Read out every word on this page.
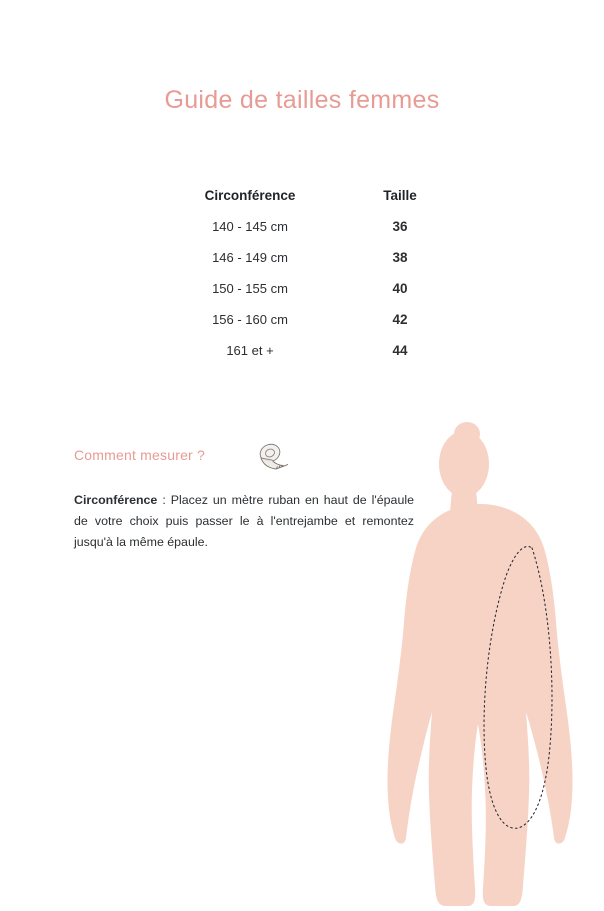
Guide de tailles femmes
Circonférence	Taille
140 - 145 cm	36
146 - 149 cm	38
150 - 155 cm	40
156 - 160 cm	42
161 et +	44
Comment mesurer ?
Circonférence : Placez un mètre ruban en haut de l'épaule de votre choix puis passer le à l'entrejambe et remontez jusqu'à la même épaule.
